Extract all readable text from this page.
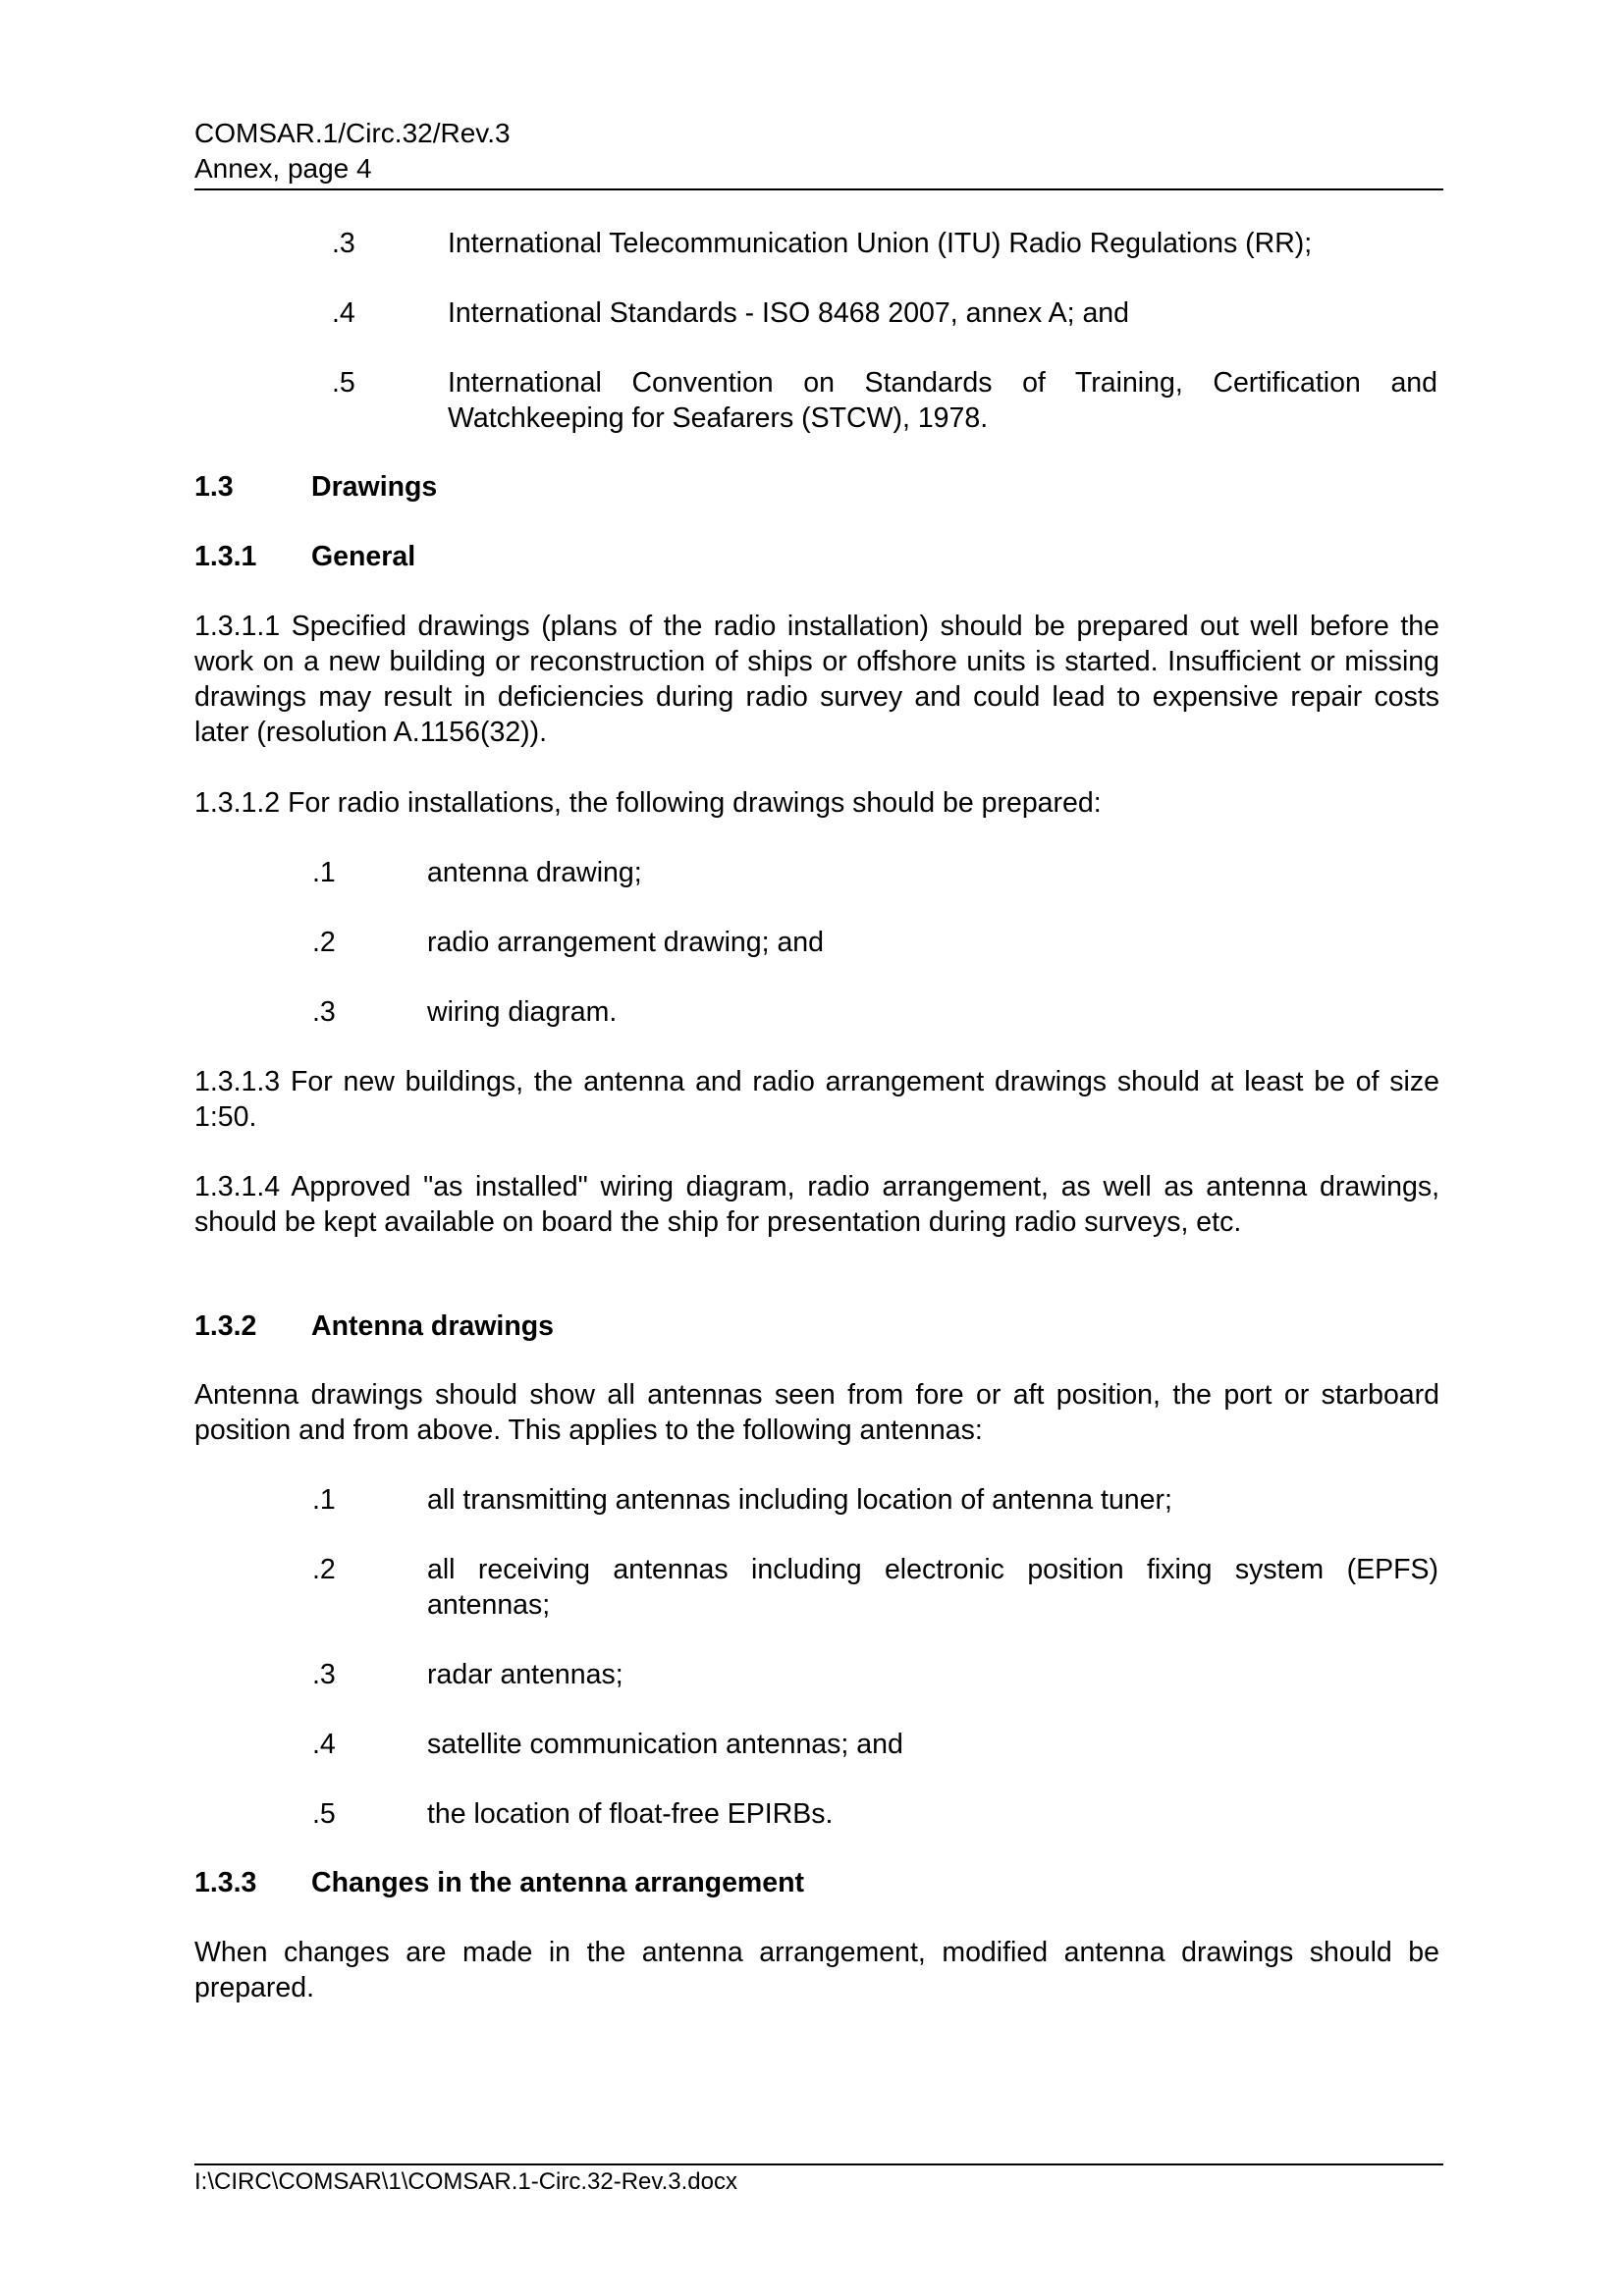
COMSAR.1/Circ.32/Rev.3
Annex, page 4
.3	International Telecommunication Union (ITU) Radio Regulations (RR);
.4	International Standards - ISO 8468 2007, annex A; and
.5	International Convention on Standards of Training, Certification and Watchkeeping for Seafarers (STCW), 1978.
1.3	Drawings
1.3.1 General
1.3.1.1 Specified drawings (plans of the radio installation) should be prepared out well before the work on a new building or reconstruction of ships or offshore units is started. Insufficient or missing drawings may result in deficiencies during radio survey and could lead to expensive repair costs later (resolution A.1156(32)).
1.3.1.2 For radio installations, the following drawings should be prepared:
.1	antenna drawing;
.2	radio arrangement drawing; and
.3	wiring diagram.
1.3.1.3 For new buildings, the antenna and radio arrangement drawings should at least be of size 1:50.
1.3.1.4 Approved "as installed" wiring diagram, radio arrangement, as well as antenna drawings, should be kept available on board the ship for presentation during radio surveys, etc.
1.3.2 Antenna drawings
Antenna drawings should show all antennas seen from fore or aft position, the port or starboard position and from above. This applies to the following antennas:
.1	all transmitting antennas including location of antenna tuner;
.2	all receiving antennas including electronic position fixing system (EPFS) antennas;
.3	radar antennas;
.4	satellite communication antennas; and
.5	the location of float-free EPIRBs.
1.3.3 Changes in the antenna arrangement
When changes are made in the antenna arrangement, modified antenna drawings should be prepared.
I:\CIRC\COMSAR\1\COMSAR.1-Circ.32-Rev.3.docx
